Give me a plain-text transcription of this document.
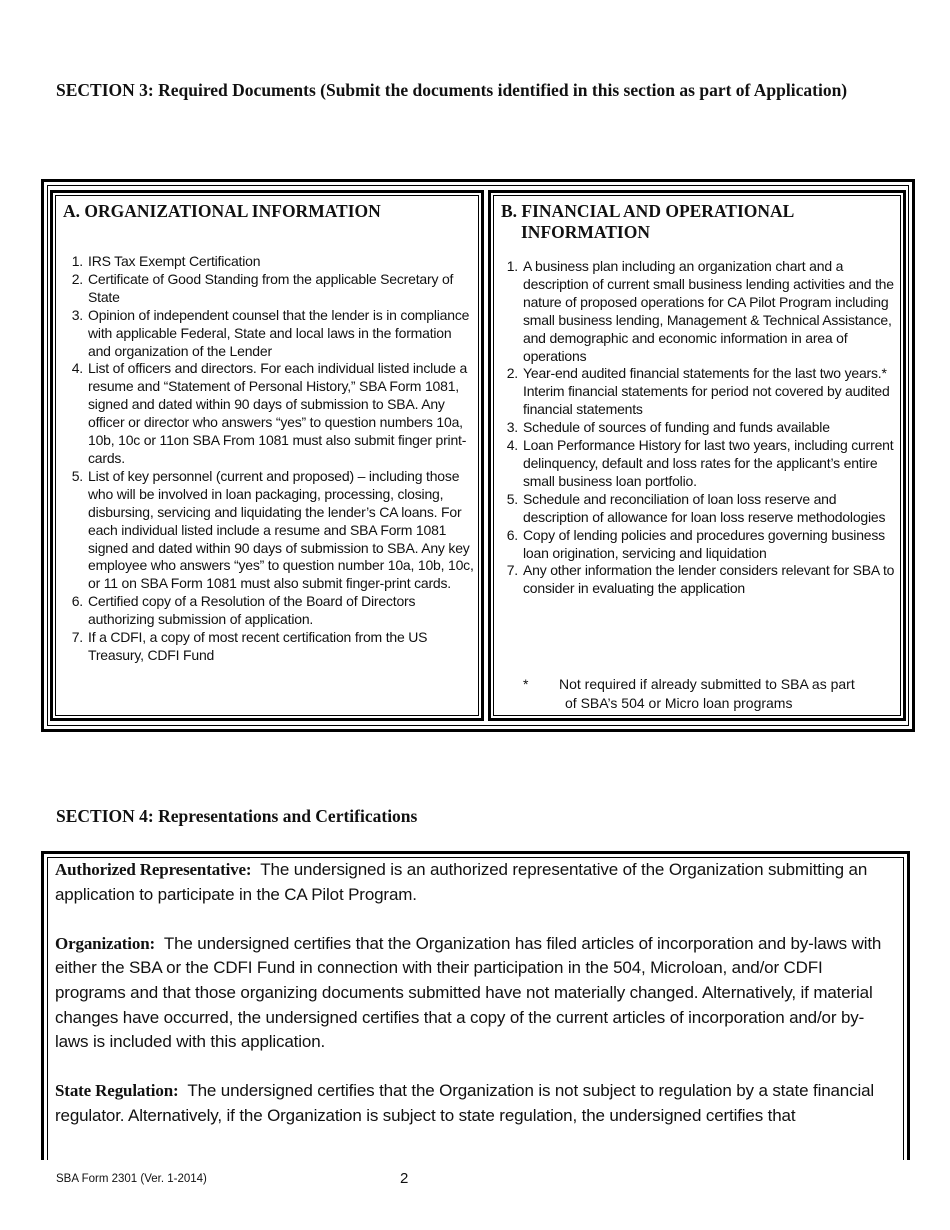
SECTION 3: Required Documents (Submit the documents identified in this section as part of Application)
A. ORGANIZATIONAL INFORMATION
1. IRS Tax Exempt Certification
2. Certificate of Good Standing from the applicable Secretary of State
3. Opinion of independent counsel that the lender is in compliance with applicable Federal, State and local laws in the formation and organization of the Lender
4. List of officers and directors. For each individual listed include a resume and “Statement of Personal History,” SBA Form 1081, signed and dated within 90 days of submission to SBA. Any officer or director who answers “yes” to question numbers 10a, 10b, 10c or 11on SBA From 1081 must also submit finger print-cards.
5. List of key personnel (current and proposed) – including those who will be involved in loan packaging, processing, closing, disbursing, servicing and liquidating the lender’s CA loans. For each individual listed include a resume and SBA Form 1081 signed and dated within 90 days of submission to SBA. Any key employee who answers “yes” to question number 10a, 10b, 10c, or 11 on SBA Form 1081 must also submit finger-print cards.
6. Certified copy of a Resolution of the Board of Directors authorizing submission of application.
7. If a CDFI, a copy of most recent certification from the US Treasury, CDFI Fund
B. FINANCIAL AND OPERATIONAL INFORMATION
1. A business plan including an organization chart and a description of current small business lending activities and the nature of proposed operations for CA Pilot Program including small business lending, Management & Technical Assistance, and demographic and economic information in area of operations
2. Year-end audited financial statements for the last two years.* Interim financial statements for period not covered by audited financial statements
3. Schedule of sources of funding and funds available
4. Loan Performance History for last two years, including current delinquency, default and loss rates for the applicant’s entire small business loan portfolio.
5. Schedule and reconciliation of loan loss reserve and description of allowance for loan loss reserve methodologies
6. Copy of lending policies and procedures governing business loan origination, servicing and liquidation
7. Any other information the lender considers relevant for SBA to consider in evaluating the application
* Not required if already submitted to SBA as part
of SBA’s 504 or Micro loan programs
SECTION 4: Representations and Certifications

Authorized Representative: The undersigned is an authorized representative of the Organization submitting an application to participate in the CA Pilot Program.

Organization: The undersigned certifies that the Organization has filed articles of incorporation and by-laws with either the SBA or the CDFI Fund in connection with their participation in the 504, Microloan, and/or CDFI programs and that those organizing documents submitted have not materially changed. Alternatively, if material changes have occurred, the undersigned certifies that a copy of the current articles of incorporation and/or by-laws is included with this application.

State Regulation: The undersigned certifies that the Organization is not subject to regulation by a state financial regulator. Alternatively, if the Organization is subject to state regulation, the undersigned certifies that

SBA Form 2301 (Ver. 1-2014)	2
